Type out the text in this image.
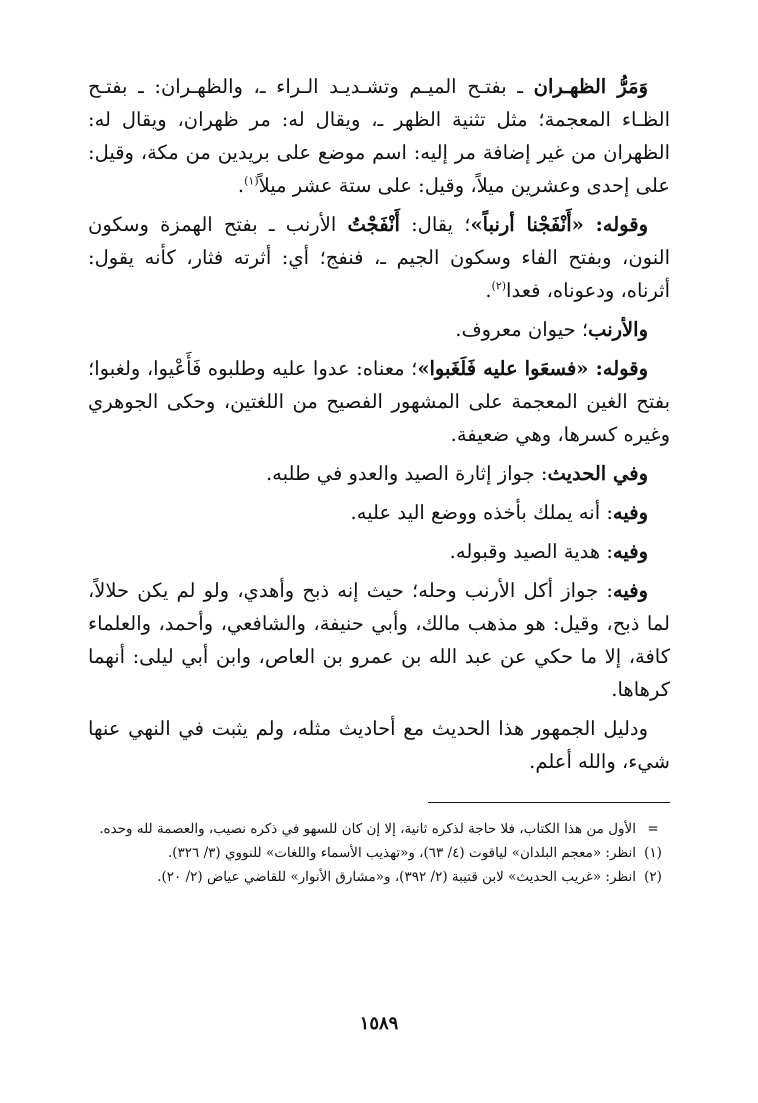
وَمَرُّ الظهـران ـ بفتـح الميـم وتشـديـد الـراء ـ، والظهـران: ـ بفتـح الظـاء المعجمة؛ مثل تثنية الظهر ـ، ويقال له: مر ظهران، ويقال له: الظهران من غير إضافة مر إليه: اسم موضع على بريدين من مكة، وقيل: على إحدى وعشرين ميلاً، وقيل: على ستة عشر ميلاً$^{(١)}$.

وقوله: «أَنْفَجْنا أرنباً»؛ يقال: أَنْفَجْتُ الأرنب ـ بفتح الهمزة وسكون النون، وبفتح الفاء وسكون الجيم ـ، فنفج؛ أي: أثرته فثار، كأنه يقول: أثرناه، ودعوناه، فعدا$^{(٢)}$.

والأرنب؛ حيوان معروف.

وقوله: «فسعَوا عليه فَلَغَبوا»؛ معناه: عدوا عليه وطلبوه فَأَعْيوا، ولغبوا؛ بفتح الغين المعجمة على المشهور الفصيح من اللغتين، وحكى الجوهري وغيره كسرها، وهي ضعيفة.

وفي الحديث: جواز إثارة الصيد والعدو في طلبه.

وفيه: أنه يملك بأخذه ووضع اليد عليه.

وفيه: هدية الصيد وقبوله.

وفيه: جواز أكل الأرنب وحله؛ حيث إنه ذبح وأهدي، ولو لم يكن حلالاً، لما ذبح، وقيل: هو مذهب مالك، وأبي حنيفة، والشافعي، وأحمد، والعلماء كافة، إلا ما حكي عن عبد الله بن عمرو بن العاص، وابن أبي ليلى: أنهما كرهاها.

ودليل الجمهور هذا الحديث مع أحاديث مثله، ولم يثبت في النهي عنها شيء، والله أعلم.

=
الأول من هذا الكتاب، فلا حاجة لذكره ثانية، إلا إن كان للسهو في ذكره نصيب، والعصمة لله وحده.

(١)
انظر: «معجم البلدان» لياقوت (٤/ ٦٣)، و«تهذيب الأسماء واللغات» للنووي (٣/ ٣٢٦).

(٢)
انظر: «غريب الحديث» لابن قتيبة (٢/ ٣٩٢)، و«مشارق الأنوار» للقاضي عياض (٢/ ٢٠).

١٥٨٩
